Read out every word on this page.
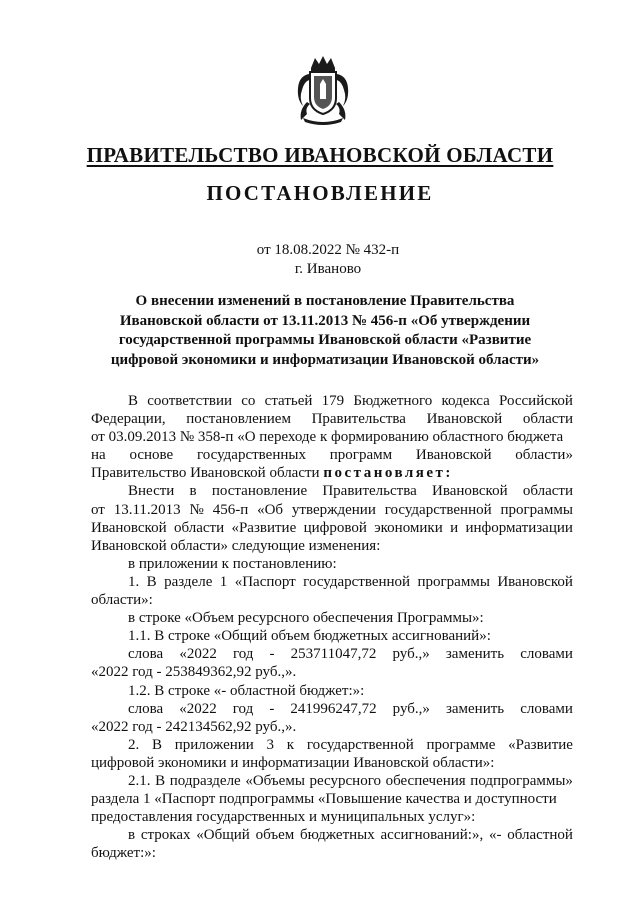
ПРАВИТЕЛЬСТВО ИВАНОВСКОЙ ОБЛАСТИ
ПОСТАНОВЛЕНИЕ
от 18.08.2022 № 432-п
г. Иваново
О внесении изменений в постановление Правительства
Ивановской области от 13.11.2013 № 456-п «Об утверждении
государственной программы Ивановской области «Развитие
цифровой экономики и информатизации Ивановской области»
В соответствии со статьей 179 Бюджетного кодекса Российской
Федерации, постановлением Правительства Ивановской области
от 03.09.2013 № 358-п «О переходе к формированию областного бюджета
на основе государственных программ Ивановской области»
Правительство Ивановской области постановляет:
Внести в постановление Правительства Ивановской области
от 13.11.2013 № 456-п «Об утверждении государственной программы
Ивановской области «Развитие цифровой экономики и информатизации
Ивановской области» следующие изменения:
в приложении к постановлению:
1. В разделе 1 «Паспорт государственной программы Ивановской
области»:
в строке «Объем ресурсного обеспечения Программы»:
1.1. В строке «Общий объем бюджетных ассигнований»:
слова «2022 год - 253711047,72 руб.,» заменить словами
«2022 год - 253849362,92 руб.,».
1.2. В строке «- областной бюджет:»:
слова «2022 год - 241996247,72 руб.,» заменить словами
«2022 год - 242134562,92 руб.,».
2. В приложении 3 к государственной программе «Развитие
цифровой экономики и информатизации Ивановской области»:
2.1. В подразделе «Объемы ресурсного обеспечения подпрограммы»
раздела 1 «Паспорт подпрограммы «Повышение качества и доступности
предоставления государственных и муниципальных услуг»:
в строках «Общий объем бюджетных ассигнований:», «- областной
бюджет:»:
